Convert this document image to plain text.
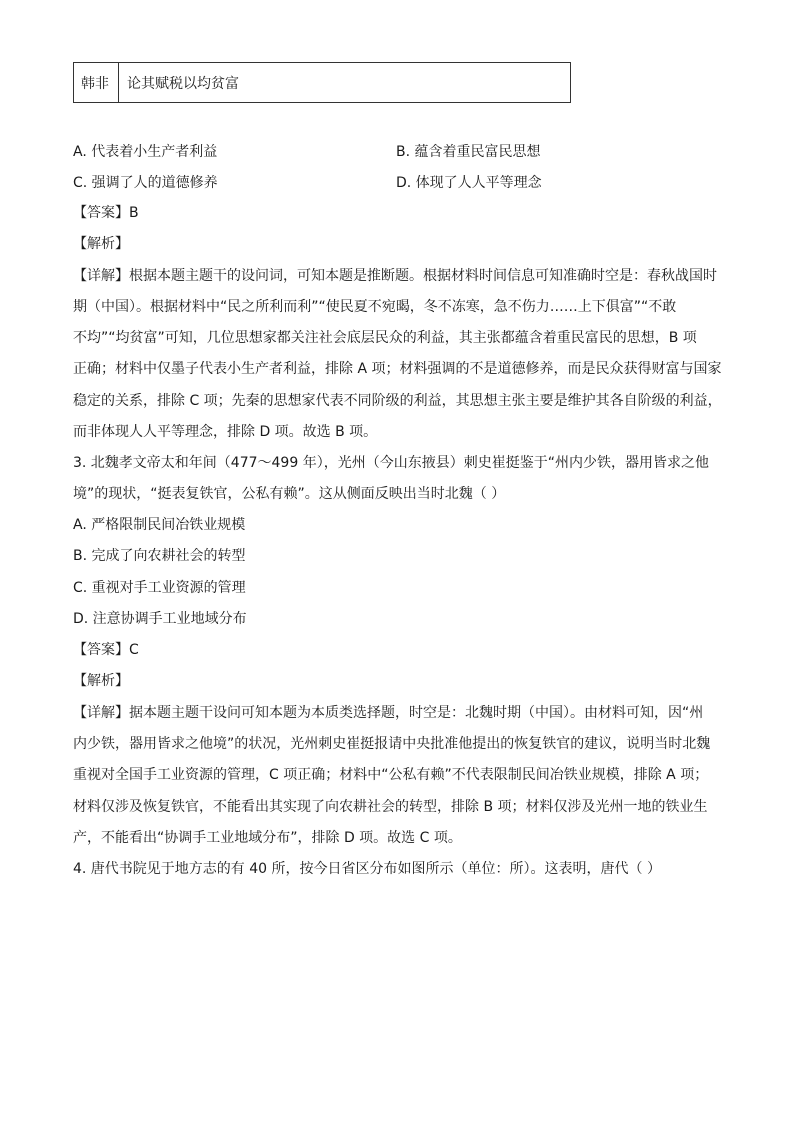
韩非	论其赋税以均贫富
A. 代表着小生产者利益	B. 蕴含着重民富民思想
C. 强调了人的道德修养	D. 体现了人人平等理念
【答案】B
【解析】
【详解】根据本题主题干的设问词，可知本题是推断题。根据材料时间信息可知准确时空是：春秋战国时
期（中国）。根据材料中“民之所利而利”“使民夏不宛暍，冬不冻寒，急不伤力……上下俱富”“不敢
不均”“均贫富”可知，几位思想家都关注社会底层民众的利益，其主张都蕴含着重民富民的思想，B 项
正确；材料中仅墨子代表小生产者利益，排除 A 项；材料强调的不是道德修养，而是民众获得财富与国家
稳定的关系，排除 C 项；先秦的思想家代表不同阶级的利益，其思想主张主要是维护其各自阶级的利益，
而非体现人人平等理念，排除 D 项。故选 B 项。
3. 北魏孝文帝太和年间（477～499 年），光州（今山东掖县）刺史崔挺鉴于“州内少铁，器用皆求之他
境”的现状，“挺表复铁官，公私有赖”。这从侧面反映出当时北魏（ ）
A. 严格限制民间冶铁业规模
B. 完成了向农耕社会的转型
C. 重视对手工业资源的管理
D. 注意协调手工业地域分布
【答案】C
【解析】
【详解】据本题主题干设问可知本题为本质类选择题，时空是：北魏时期（中国）。由材料可知，因“州
内少铁，器用皆求之他境”的状况，光州刺史崔挺报请中央批准他提出的恢复铁官的建议，说明当时北魏
重视对全国手工业资源的管理，C 项正确；材料中“公私有赖”不代表限制民间冶铁业规模，排除 A 项；
材料仅涉及恢复铁官，不能看出其实现了向农耕社会的转型，排除 B 项；材料仅涉及光州一地的铁业生
产，不能看出“协调手工业地域分布”，排除 D 项。故选 C 项。
4. 唐代书院见于地方志的有 40 所，按今日省区分布如图所示（单位：所）。这表明，唐代（ ）
